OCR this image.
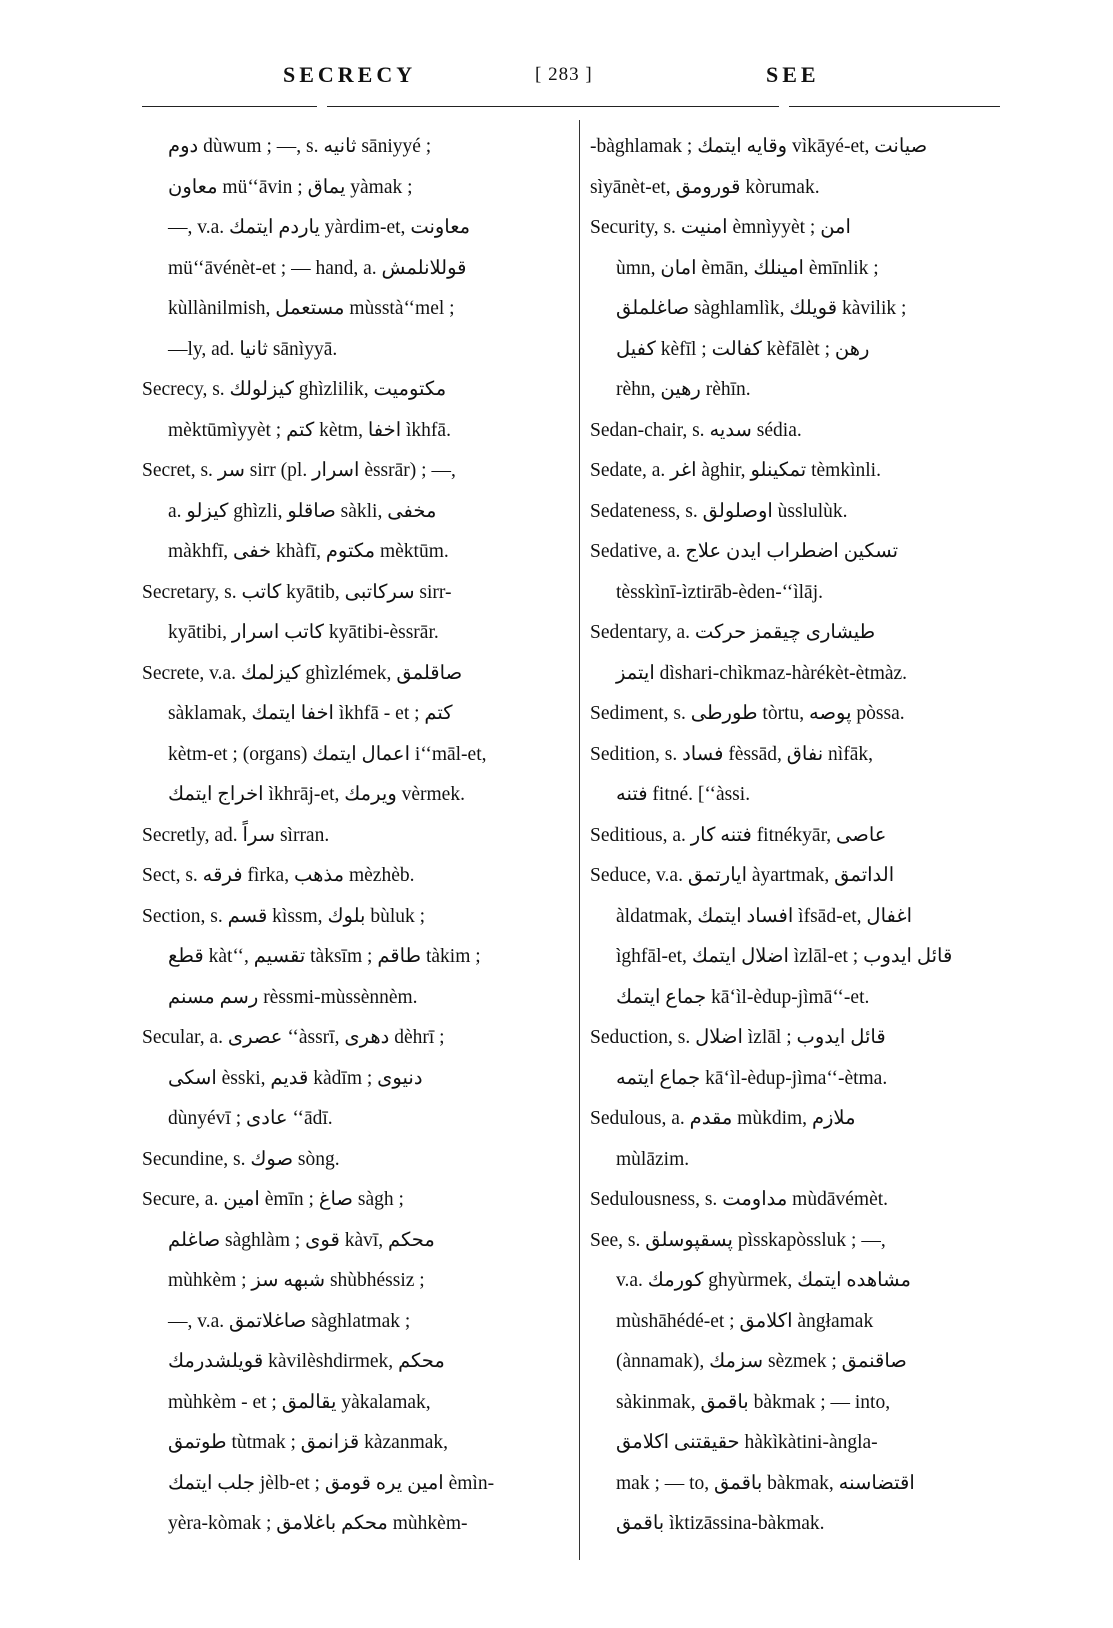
SECRECY	[ 283 ]	SEE
دوم dùwum ; —, s. ثانیه sāniyyé ;
معاون mü‘‘āvin ; یماق yàmak ;
—, v.a. یاردم ایتمك yàrdim-et, معاونت
mü‘‘āvénèt-et ; — hand, a. قوللانلمش
kùllànilmish, مستعمل mùsstà‘‘mel ;
—ly, ad. ثانیا sānìyyā.
Secrecy, s. کیزلولك ghìzlilik, مکتومیت
mèktūmìyyèt ; کتم kètm, اخفا ìkhfā.
Secret, s. سر sirr (pl. اسرار èssrār) ; —,
a. کیزلو ghìzli, صاقلو sàkli, مخفی
màkhfī, خفی khàfī, مکتوم mèktūm.
Secretary, s. کاتب kyātib, سرکاتبی sirr-
kyātibi, کاتب اسرار kyātibi-èssrār.
Secrete, v.a. کیزلمك ghìzlémek, صاقلمق
sàklamak, اخفا ایتمك ìkhfā - et ; کتم
kètm-et ; (organs) اعمال ایتمك i‘‘māl-et,
اخراج ایتمك ìkhrāj-et, ویرمك vèrmek.
Secretly, ad. سراً sìrran.
Sect, s. فرقه fìrka, مذهب mèzhèb.
Section, s. قسم kìssm, بلوك bùluk ;
قطع kàt‘‘, تقسیم tàksīm ; طاقم tàkim ;
رسم مسنم rèssmi-mùssènnèm.
Secular, a. عصری ‘‘àssrī, دهری dèhrī ;
اسکی èsski, قدیم kàdīm ; دنیوی
dùnyévī ; عادی ‘‘ādī.
Secundine, s. صوك sòng.
Secure, a. امین èmīn ; صاغ sàgh ;
صاغلم sàghlàm ; قوی kàvī, محکم
mùhkèm ; شبهه سز shùbhéssiz ;
—, v.a. صاغلاتمق sàghlatmak ;
قویلشدرمك kàvilèshdirmek, محکم
mùhkèm - et ; یقالمق yàkalamak,
طوتمق tùtmak ; قزانمق kàzanmak,
جلب ایتمك jèlb-et ; امین یره قومق èmìn-
yèra-kòmak ; محکم باغلامق mùhkèm-
-bàghlamak ; وقایه ایتمك vìkāyé-et, صیانت
sìyānèt-et, قورومق kòrumak.
Security, s. امنیت èmnìyyèt ; امن
ùmn, امان èmān, امینلك èmīnlik ;
صاغلملق sàghlamlìk, قویلك kàvilik ;
کفیل kèfīl ; کفالت kèfālèt ; رهن
rèhn, رهین rèhīn.
Sedan-chair, s. سدیه sédia.
Sedate, a. اغر àghir, تمکینلو tèmkìnli.
Sedateness, s. اوصلولق ùsslulùk.
Sedative, a. تسکین اضطراب ایدن علاج
tèsskìnī-ìztirāb-èden-‘‘ìlāj.
Sedentary, a. طیشاری چیقمز حرکت
ایتمز dìshari-chìkmaz-hàrékèt-ètmàz.
Sediment, s. طورطی tòrtu, پوصه pòssa.
Sedition, s. فساد fèssād, نفاق nìfāk,
فتنه fitné. [‘‘àssi.
Seditious, a. فتنه کار fitnékyār, عاصی
Seduce, v.a. ایارتمق àyartmak, الداتمق
àldatmak, افساد ایتمك ìfsād-et, اغفال
ìghfāl-et, اضلال ایتمك ìzlāl-et ; قائل ایدوب
جماع ایتمك kā‘ìl-èdup-jìmā‘‘-et.
Seduction, s. اضلال ìzlāl ; قائل ایدوب
جماع ایتمه kā‘ìl-èdup-jìma‘‘-ètma.
Sedulous, a. مقدم mùkdim, ملازم
mùlāzim.
Sedulousness, s. مداومت mùdāvémèt.
See, s. پسقپوسلق pìsskapòssluk ; —,
v.a. کورمك ghyùrmek, مشاهده ایتمك
mùshāhédé-et ; اکلامق àngłamak
(ànnamak), سزمك sèzmek ; صاقنمق
sàkinmak, باقمق bàkmak ; — into,
حقیقتنی اکلامق hàkìkàtini-àngla-
mak ; — to, باقمق bàkmak, اقتضاسنه
باقمق ìktizāssina-bàkmak.
